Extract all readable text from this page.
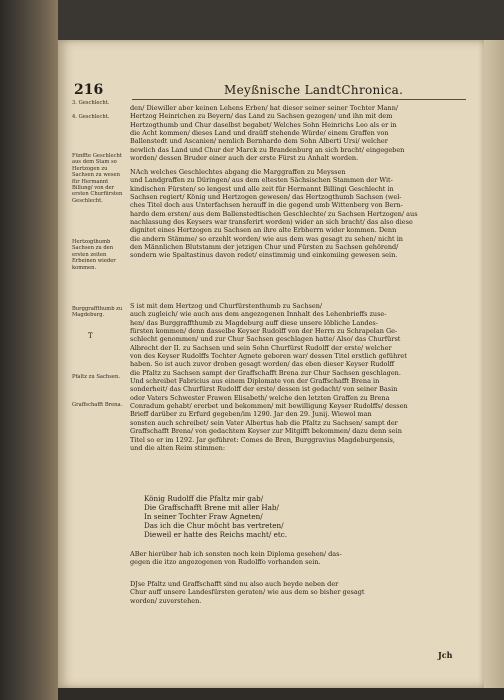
216	Meyßnische LandtChronica.
3. Geschlecht.
4. Geschlecht.
Fünffte Geschlecht aus dem Stam so Hertzogen zu Sachsen zu wesen für Hermannt Billung/ von der ersten Churfürsten Geschlecht.
Hertzogthumb Sachsen zu den ersten zeiten Erbeinen wieder kommen.
Burggraffthumb zu Magdeburg.
Pfaltz zu Sachsen.
Graffschafft Brena.
den/ Diewiller aber keinen Lehens Erben/ hat dieser seiner seiner Tochter Mann/
Hertzog Heinrichen zu Beyern/ das Land zu Sachsen gezogen/ und ihn mit dem
Hertzogthumb und Chur daselbst begabet/ Welches Sohn Heinrichs Leo als er in
die Acht kommen/ dieses Land und draüff stehende Würde/ einem Graffen von
Ballenstedt und Ascanien/ nemlich Bernhardo dem Sohn Alberti Ursi/ welcher
newlich das Land und Chur der Marck zu Brandenburg an sich bracht/ eingegeben
worden/ dessen Bruder einer auch der erste Fürst zu Anhalt worden.
NAch welches Geschlechtes abgang die Marggraffen zu Meyssen
und Landgraffen zu Düringen/ aus dem eltesten Sächsischen Stammen der Wit-
kindischen Fürsten/ so lengest und alle zeit für Hermannt Billingi Geschlecht in
Sachsen regiert/ König und Hertzogen gewesen/ das Hertzogthumb Sachsen (wel-
ches Titel doch aus Unterfachsen herauff in die gegend umb Wittenberg von Bern-
hardo dem ersten/ aus dem Ballenstedtischen Geschlechte/ zu Sachsen Hertzogen/ aus
nachlassung des Keysers war transferirt worden) wider an sich bracht/ das also diese
dignitet eines Hertzogen zu Sachsen an ihre alte Erbherrn wider kommen. Denn
die andern Stämme/ so erzehlt worden/ wie aus dem was gesagt zu sehen/ nicht in
den Männlichen Blutstamm der jetzigen Chur und Fürsten zu Sachsen gehörend/
sondern wie Spaltastinus davon redet/ einstimmig und einkomiing gewesen sein.
S ist mit dem Hertzog und Churfürstenthumb zu Sachsen/
auch zugleich/ wie auch aus dem angezogenen Innhalt des Lehenbrieffs zuse-
hen/ das Burggraffthumb zu Magdeburg auff diese unsere löbliche Landes-
fürsten kommen/ denn dasselbe Keyser Rudolff von der Herrn zu Schrapelan Ge-
schlecht genommen/ und zur Chur Sachsen geschlagen hatte/ Also/ das Churfürst
Albrecht der II. zu Sachsen und sein Sohn Churfürst Rudolff der erste/ welcher
von des Keyser Rudolffs Tochter Agnete geboren war/ dessen Titel erstlich geführet
haben. So ist auch zuvor droben gesagt worden/ das eben dieser Keyser Rudolff
die Pfaltz zu Sachsen sampt der Graffschafft Brena zur Chur Sachsen geschlagen.
Und schreibet Fabricius aus einem Diplomate von der Graffschafft Brena in
sonderheit/ das Churfürst Rudolff der erste/ dessen ist gedacht/ von seiner Basin
oder Vaters Schwester Frawen Elisabeth/ welche den letzten Graffen zu Brena
Conradum gehabt/ ererbet und bekommen/ mit bewilligung Keyser Rudolffs/ dessen
Brieff darüber zu Erfurd gegeben/im 1290. Jar den 29. Junij. Wiewol man
sonsten auch schreibet/ sein Vater Albertus hab die Pfaltz zu Sachsen/ sampt der
Graffschafft Brena/ von gedachtem Keyser zur Mitgifft bekommen/ dazu denn sein
Titel so er im 1292. Jar geführet: Comes de Bren, Burggravius Magdeburgensis,
und die alten Reim stimmen:
König Rudolff die Pfaltz mir gab/
Die Graffschafft Brene mit aller Hab/
In seiner Tochter Fraw Agneten/
Das ich die Chur möcht bas vertreten/
Dieweil er hatte des Reichs macht/ etc.
ABer hierüber hab ich sonsten noch kein Diploma gesehen/ das-
gegen die itzo angezogenen von Rudolffo vorhanden sein.
DJse Pfaltz und Graffschafft sind nu also auch beyde neben der
Chur auff unsere Landesfürsten geraten/ wie aus dem so bisher gesagt
worden/ zuverstehen.
T
Jch
